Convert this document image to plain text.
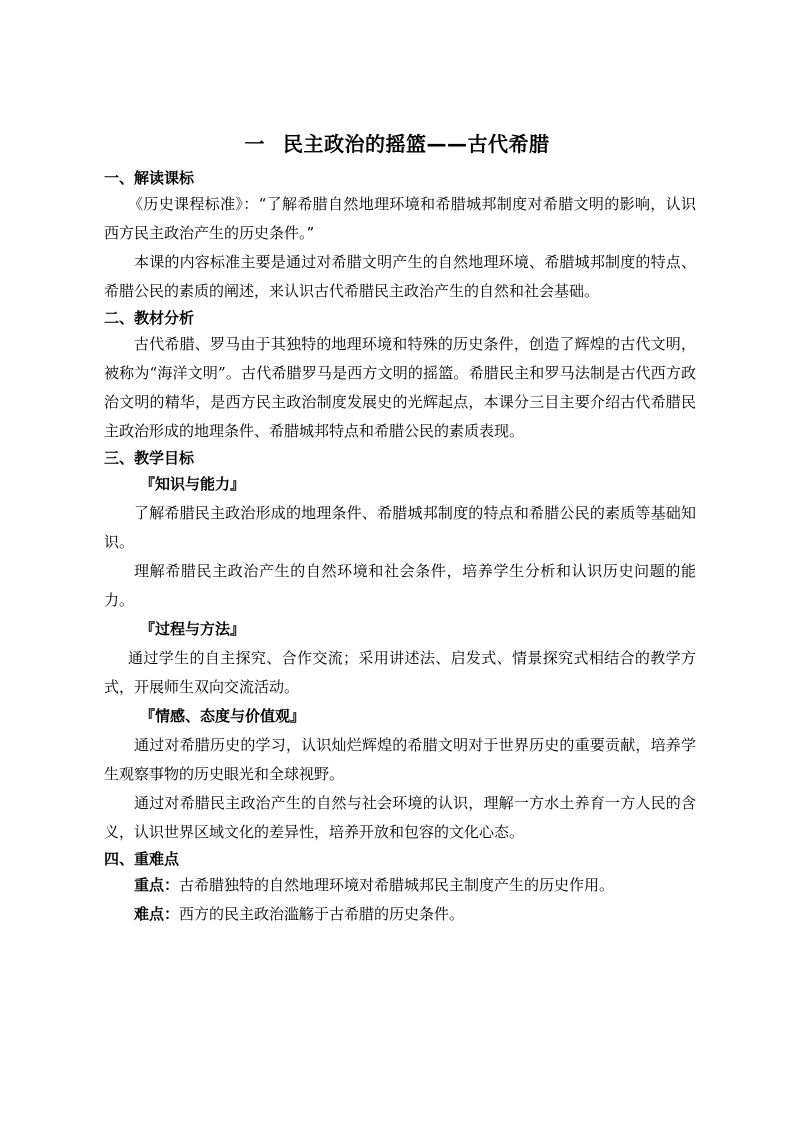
一 民主政治的摇篮——古代希腊
一、解读课标

《历史课程标准》：“了解希腊自然地理环境和希腊城邦制度对希腊文明的影响，认识西方民主政治产生的历史条件。”

本课的内容标准主要是通过对希腊文明产生的自然地理环境、希腊城邦制度的特点、希腊公民的素质的阐述，来认识古代希腊民主政治产生的自然和社会基础。

二、教材分析

古代希腊、罗马由于其独特的地理环境和特殊的历史条件，创造了辉煌的古代文明，被称为“海洋文明”。古代希腊罗马是西方文明的摇篮。希腊民主和罗马法制是古代西方政治文明的精华，是西方民主政治制度发展史的光辉起点，本课分三目主要介绍古代希腊民主政治形成的地理条件、希腊城邦特点和希腊公民的素质表现。

三、教学目标
『知识与能力』

了解希腊民主政治形成的地理条件、希腊城邦制度的特点和希腊公民的素质等基础知识。

理解希腊民主政治产生的自然环境和社会条件，培养学生分析和认识历史问题的能力。

『过程与方法』

通过学生的自主探究、合作交流；采用讲述法、启发式、情景探究式相结合的教学方式，开展师生双向交流活动。

『情感、态度与价值观』

通过对希腊历史的学习，认识灿烂辉煌的希腊文明对于世界历史的重要贡献，培养学生观察事物的历史眼光和全球视野。

通过对希腊民主政治产生的自然与社会环境的认识，理解一方水土养育一方人民的含义，认识世界区域文化的差异性，培养开放和包容的文化心态。

四、重难点

重点：古希腊独特的自然地理环境对希腊城邦民主制度产生的历史作用。

难点：西方的民主政治滥觞于古希腊的历史条件。
